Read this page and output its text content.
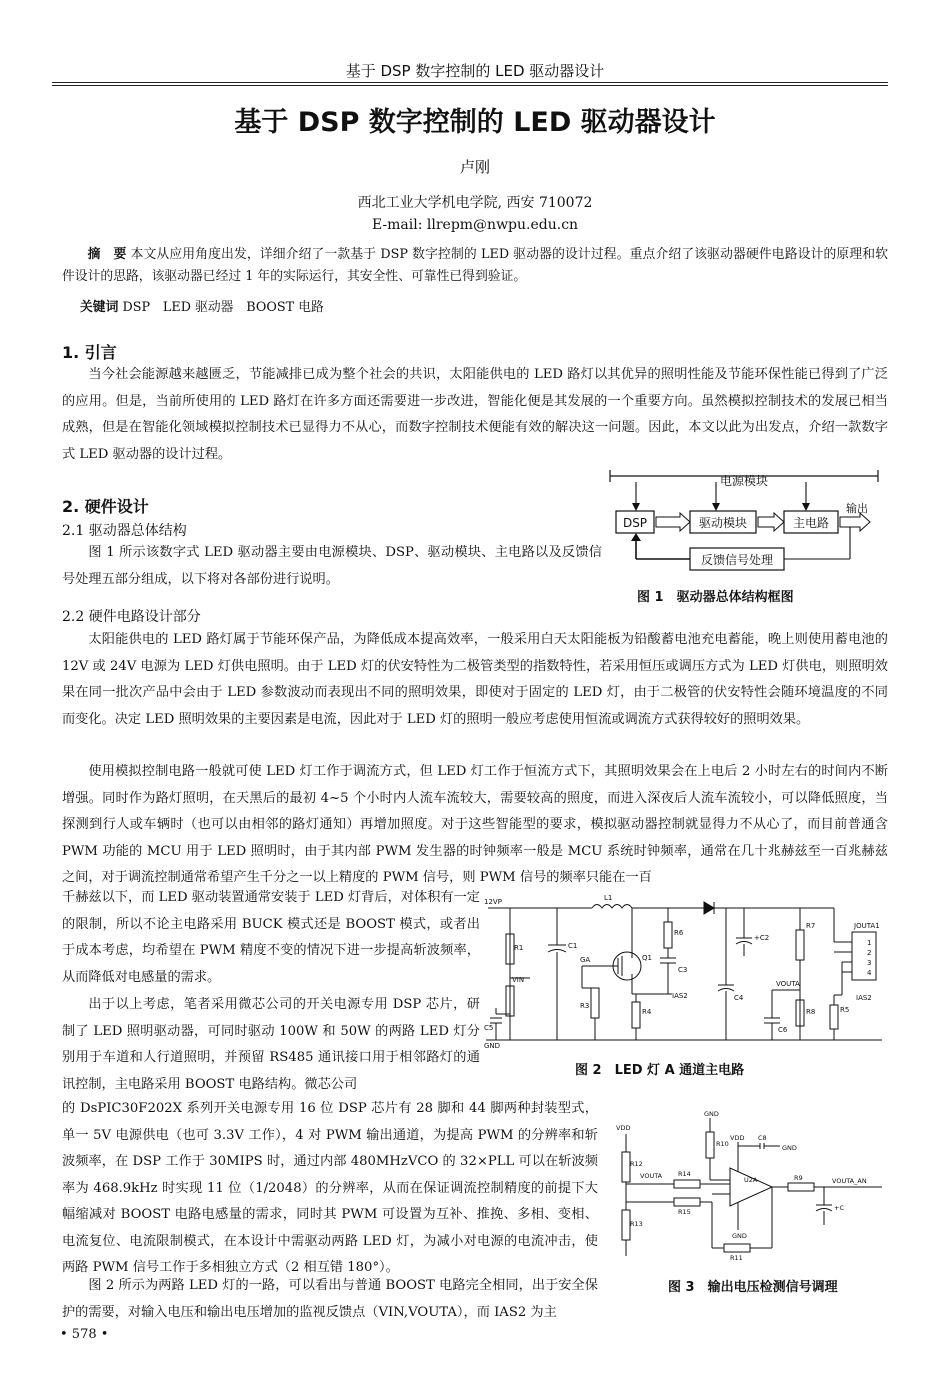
基于 DSP 数字控制的 LED 驱动器设计
基于 DSP 数字控制的 LED 驱动器设计
卢刚
西北工业大学机电学院, 西安 710072
E-mail: llrepm@nwpu.edu.cn
摘　要 本文从应用角度出发，详细介绍了一款基于 DSP 数字控制的 LED 驱动器的设计过程。重点介绍了该驱动器硬件电路设计的原理和软件设计的思路，该驱动器已经过 1 年的实际运行，其安全性、可靠性已得到验证。
关键词 DSP　LED 驱动器　BOOST 电路
1. 引言

当今社会能源越来越匮乏，节能减排已成为整个社会的共识，太阳能供电的 LED 路灯以其优异的照明性能及节能环保性能已得到了广泛的应用。但是，当前所使用的 LED 路灯在许多方面还需要进一步改进，智能化便是其发展的一个重要方向。虽然模拟控制技术的发展已相当成熟，但是在智能化领域模拟控制技术已显得力不从心，而数字控制技术便能有效的解决这一问题。因此，本文以此为出发点，介绍一款数字式 LED 驱动器的设计过程。

2. 硬件设计
2.1 驱动器总体结构

图 1 所示该数字式 LED 驱动器主要由电源模块、DSP、驱动模块、主电路以及反馈信号处理五部分组成，以下将对各部份进行说明。

电源模块
DSP	驱动模块	主电路
输出
反馈信号处理
图 1　驱动器总体结构框图
2.2 硬件电路设计部分

太阳能供电的 LED 路灯属于节能环保产品，为降低成本提高效率，一般采用白天太阳能板为铅酸蓄电池充电蓄能，晚上则使用蓄电池的 12V 或 24V 电源为 LED 灯供电照明。由于 LED 灯的伏安特性为二极管类型的指数特性，若采用恒压或调压方式为 LED 灯供电，则照明效果在同一批次产品中会由于 LED 参数波动而表现出不同的照明效果，即使对于固定的 LED 灯，由于二极管的伏安特性会随环境温度的不同而变化。决定 LED 照明效果的主要因素是电流，因此对于 LED 灯的照明一般应考虑使用恒流或调流方式获得较好的照明效果。

使用模拟控制电路一般就可使 LED 灯工作于调流方式，但 LED 灯工作于恒流方式下，其照明效果会在上电后 2 小时左右的时间内不断增强。同时作为路灯照明，在天黑后的最初 4~5 个小时内人流车流较大，需要较高的照度，而进入深夜后人流车流较小，可以降低照度，当探测到行人或车辆时（也可以由相邻的路灯通知）再增加照度。对于这些智能型的要求，模拟驱动器控制就显得力不从心了，而目前普通含 PWM 功能的 MCU 用于 LED 照明时，由于其内部 PWM 发生器的时钟频率一般是 MCU 系统时钟频率，通常在几十兆赫兹至一百兆赫兹之间，对于调流控制通常希望产生千分之一以上精度的 PWM 信号，则 PWM 信号的频率只能在一百

千赫兹以下，而 LED 驱动装置通常安装于 LED 灯背后，对体积有一定的限制，所以不论主电路采用 BUCK 模式还是 BOOST 模式，或者出于成本考虑，均希望在 PWM 精度不变的情况下进一步提高斩波频率，从而降低对电感量的需求。

12VP	L1
R1	C1
Q1
R6
C3
+C2
R7	JOUTA1
VIN
GA
IAS2	C4
VOUTA
R3
R4	R8	R5
C5	C6
IAS2
GND
1
2
3
4
图 2　LED 灯 A 通道主电路

出于以上考虑，笔者采用微芯公司的开关电源专用 DSP 芯片，研制了 LED 照明驱动器，可同时驱动 100W 和 50W 的两路 LED 灯分别用于车道和人行道照明，并预留 RS485 通讯接口用于相邻路灯的通讯控制，主电路采用 BOOST 电路结构。微芯公司

的 DsPIC30F202X 系列开关电源专用 16 位 DSP 芯片有 28 脚和 44 脚两种封装型式，单一 5V 电源供电（也可 3.3V 工作），4 对 PWM 输出通道，为提高 PWM 的分辨率和斩波频率，在 DSP 工作于 30MIPS 时，通过内部 480MHzVCO 的 32×PLL 可以在斩波频率为 468.9kHz 时实现 11 位（1/2048）的分辨率，从而在保证调流控制精度的前提下大幅缩减对 BOOST 电路电感量的需求，同时其 PWM 可设置为互补、推挽、多相、变相、电流复位、电流限制模式，在本设计中需驱动两路 LED 灯，为减小对电源的电流冲击，使两路 PWM 信号工作于多相独立方式（2 相互错 180°）。

GND
VDD
VDD
R10
C8
GND
R12
VOUTA R14
U2A	R9	VOUTA_AN
R15	+C
R13
R11
GND
图 3　输出电压检测信号调理

图 2 所示为两路 LED 灯的一路，可以看出与普通 BOOST 电路完全相同，出于安全保护的需要，对输入电压和输出电压增加的监视反馈点（VIN,VOUTA），而 IAS2 为主

• 578 •
